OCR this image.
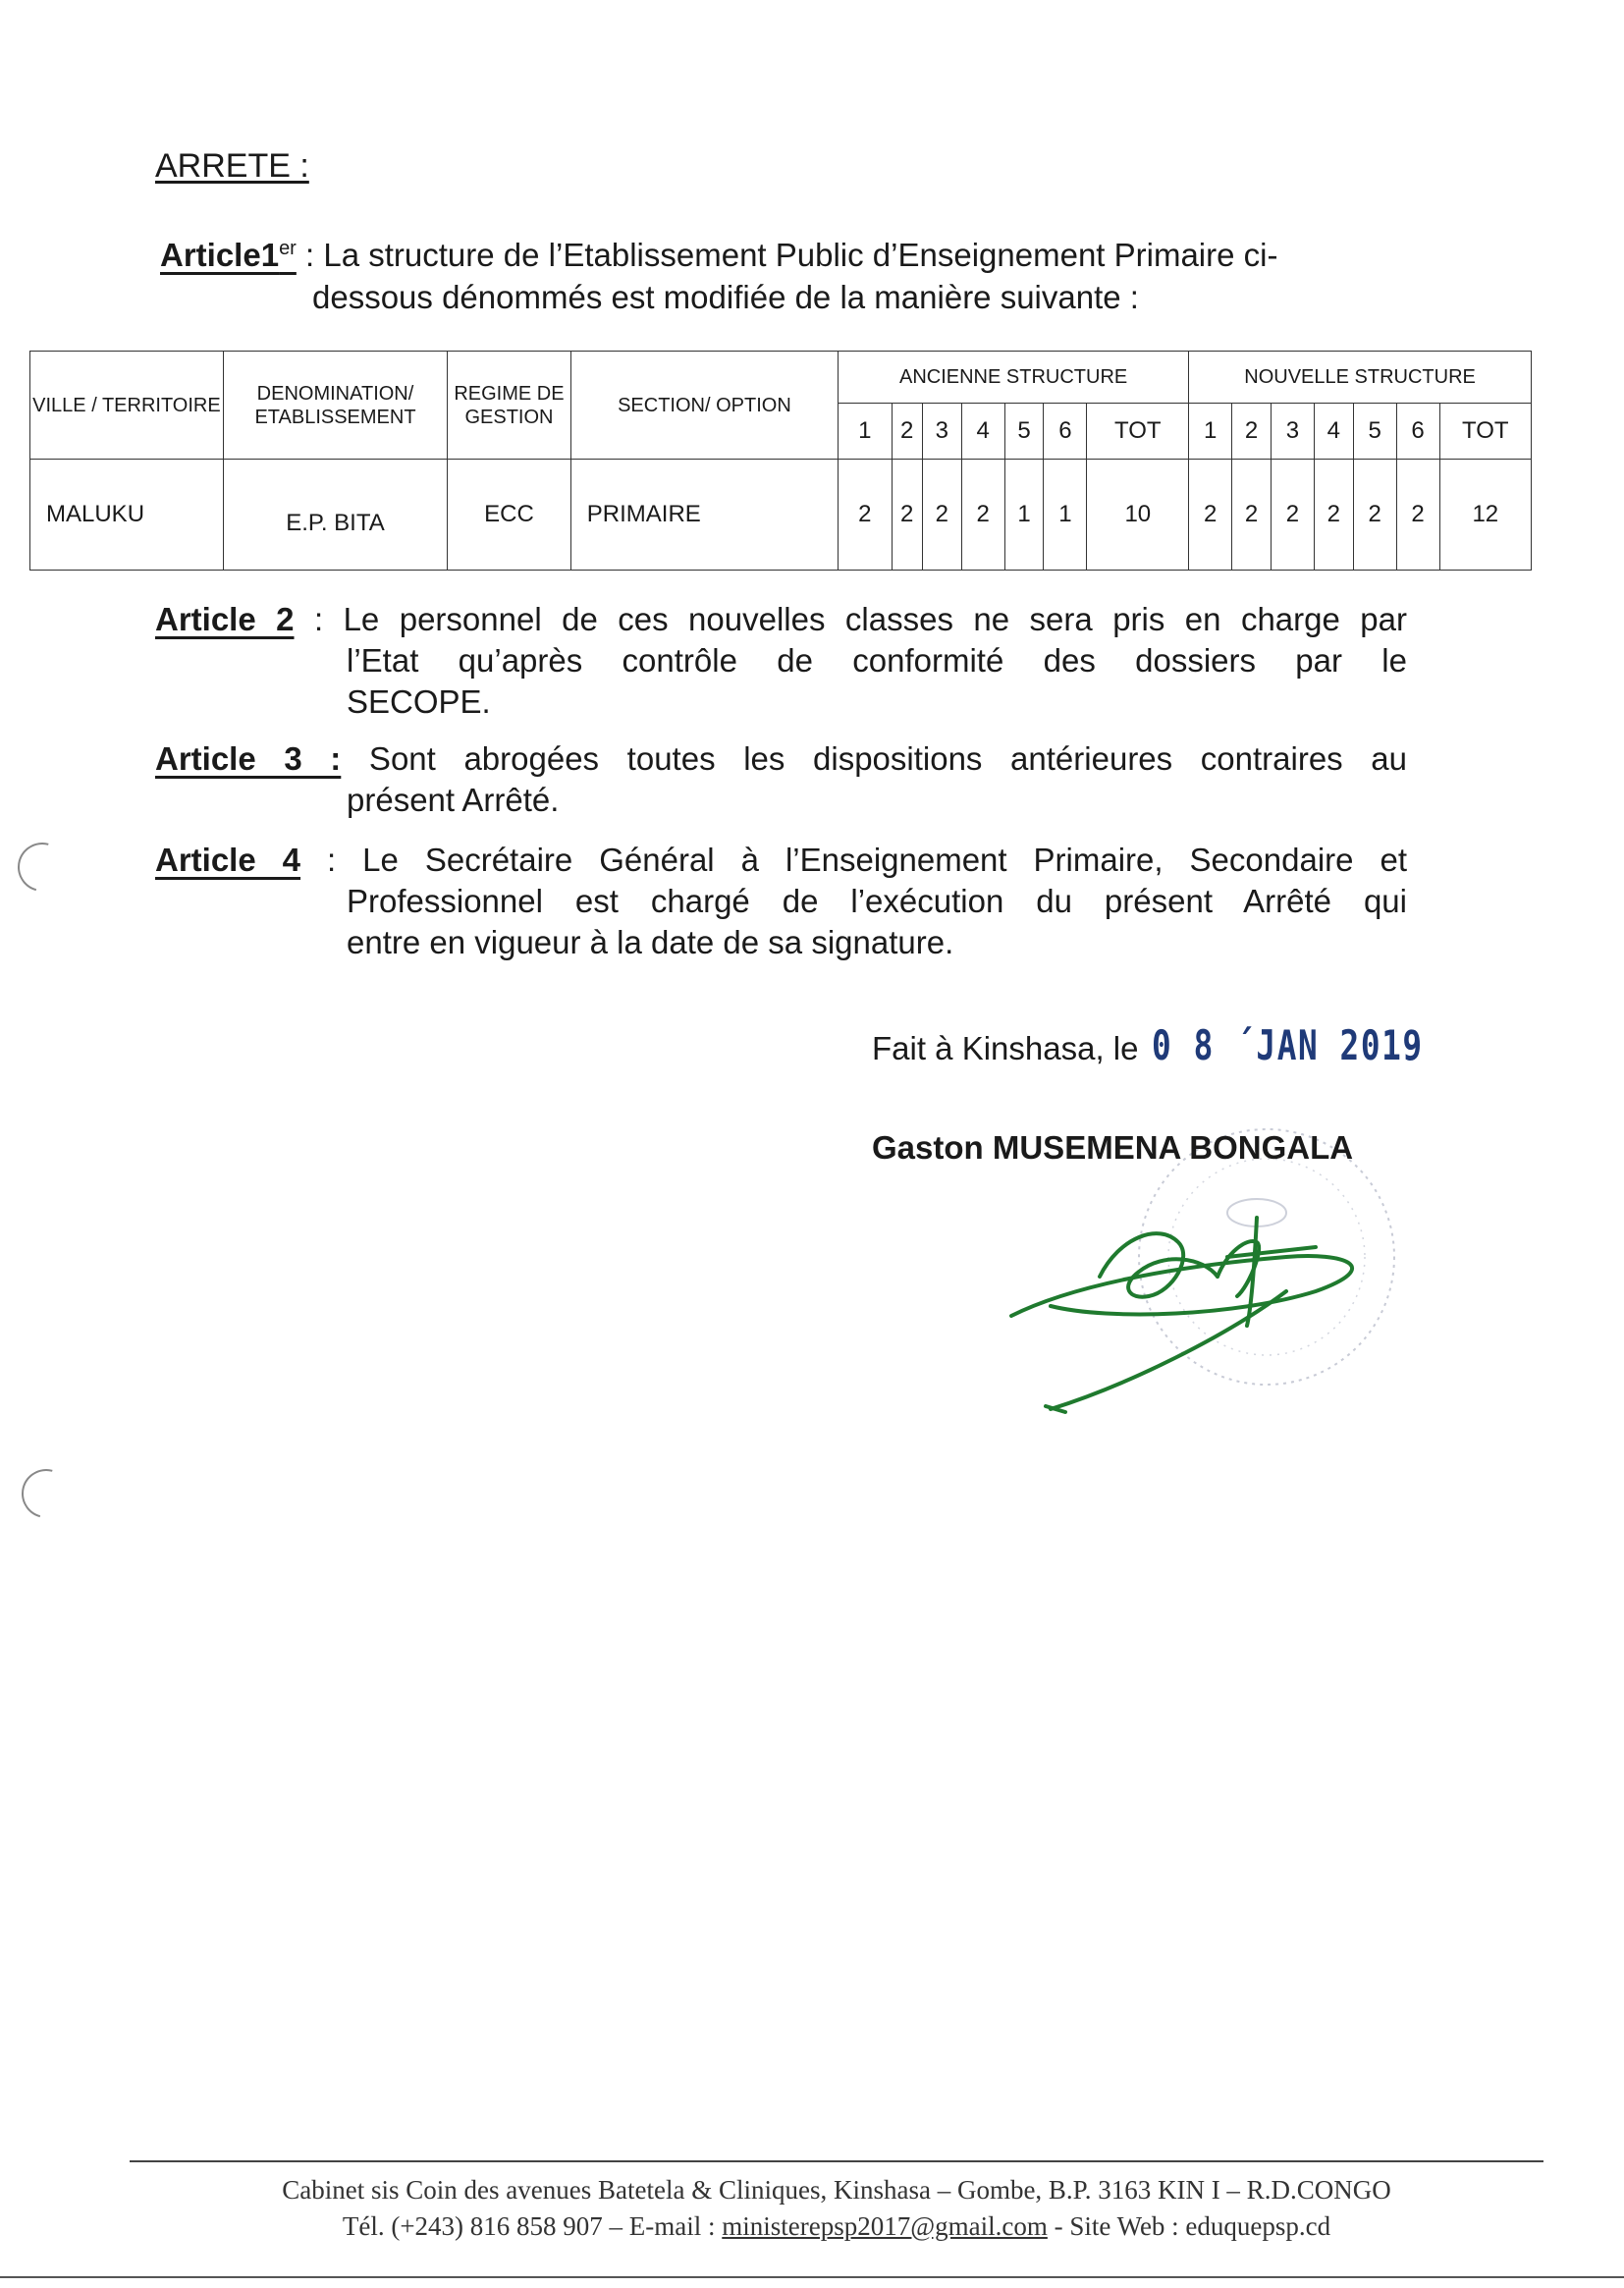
ARRETE :
Article1er : La structure de l’Etablissement Public d’Enseignement Primaire ci-
dessous dénommés est modifiée de la manière suivante :
VILLE / TERRITOIRE	DENOMINATION/ ETABLISSEMENT	REGIME DE GESTION	SECTION/ OPTION	ANCIENNE STRUCTURE							NOUVELLE STRUCTURE						
				1	2	3	4	5	6	TOT	1	2	3	4	5	6	TOT
MALUKU	E.P. BITA	ECC	PRIMAIRE	2	2	2	2	1	1	10	2	2	2	2	2	2	12
Article 2 : Le personnel de ces nouvelles classes ne sera pris en charge par
l’Etat qu’après contrôle de conformité des dossiers par le
SECOPE.
Article 3 : Sont abrogées toutes les dispositions antérieures contraires au
présent Arrêté.
Article 4 : Le Secrétaire Général à l’Enseignement Primaire, Secondaire et
Professionnel est chargé de l’exécution du présent Arrêté qui
entre en vigueur à la date de sa signature.
Fait à Kinshasa, le 0 8 ´JAN 2019
Gaston MUSEMENA BONGALA
Cabinet sis Coin des avenues Batetela & Cliniques, Kinshasa – Gombe, B.P. 3163 KIN I – R.D.CONGO
Tél. (+243) 816 858 907 – E-mail : ministerepsp2017@gmail.com - Site Web : eduquepsp.cd
